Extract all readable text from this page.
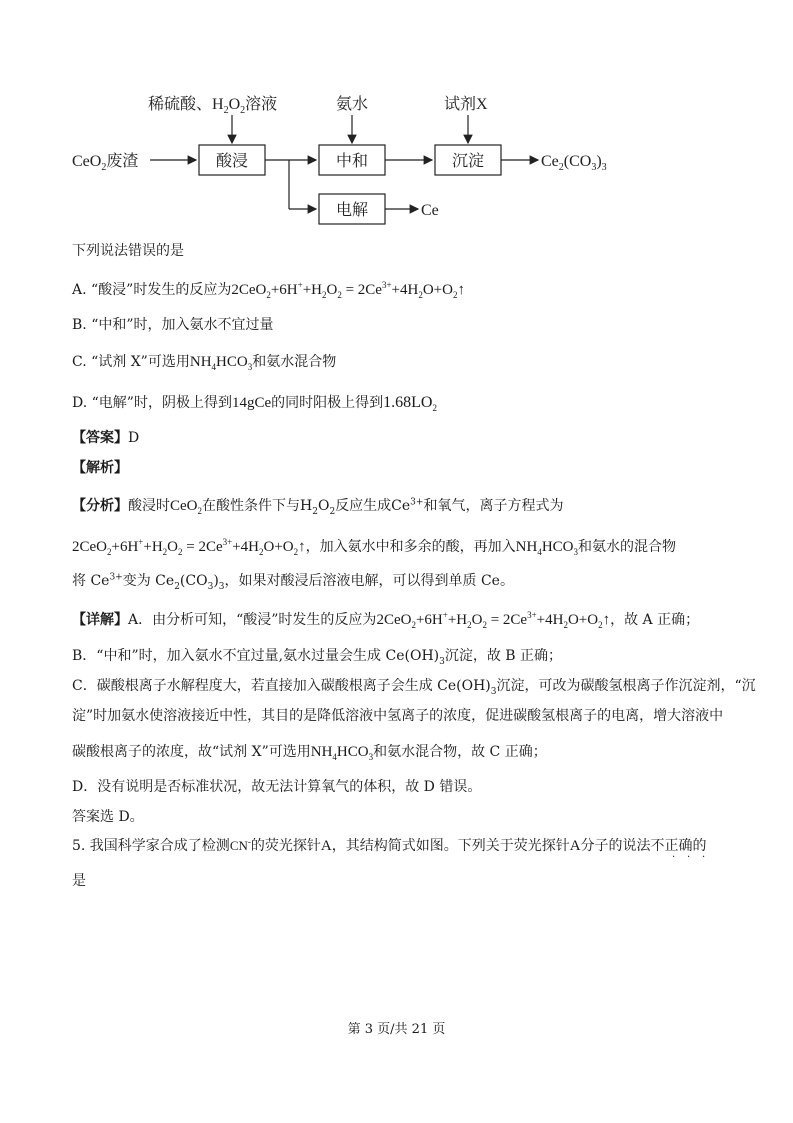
稀硫酸、$H_2O_2$溶液	氨水	试剂X
CeO$_2$废渣	酸浸	中和	沉淀	$Ce_2(CO_3)_3$
电解	Ce
下列说法错误的是
A. “酸浸”时发生的反应为$2CeO_2+6H^++H_2O_2$ = $2Ce^{3+}+4H_2O+O_2↑$
B. “中和”时，加入氨水不宜过量
C. “试剂 X”可选用$NH_4HCO_3$和氨水混合物
D. “电解”时，阴极上得到14gCe的同时阳极上得到$1.68LO_2$
【答案】D
【解析】
【分析】酸浸时CeO$_2$在酸性条件下与$H_2O_2$反应生成$Ce^{3+}$和氧气，离子方程式为
$2CeO_2+6H^++H_2O_2$ = $2Ce^{3+}+4H_2O+O_2↑$，加入氨水中和多余的酸，再加入$NH_4HCO_3$和氨水的混合物
将 $Ce^{3+}$变为 $Ce_2(CO_3)_3$，如果对酸浸后溶液电解，可以得到单质 Ce。
【详解】A．由分析可知，“酸浸”时发生的反应为$2CeO_2+6H^++H_2O_2$ = $2Ce^{3+}+4H_2O+O_2↑$，故 A 正确；
B．“中和”时，加入氨水不宜过量,氨水过量会生成 $Ce(OH)_3$沉淀，故 B 正确；
C．碳酸根离子水解程度大，若直接加入碳酸根离子会生成 $Ce(OH)_3$沉淀，可改为碳酸氢根离子作沉淀剂，“沉
淀”时加氨水使溶液接近中性，其目的是降低溶液中氢离子的浓度，促进碳酸氢根离子的电离，增大溶液中
碳酸根离子的浓度，故“试剂 X”可选用$NH_4HCO_3$和氨水混合物，故 C 正确；
D．没有说明是否标准状况，故无法计算氧气的体积，故 D 错误。
答案选 D。
5. 我国科学家合成了检测CN-的荧光探针A，其结构简式如图。下列关于荧光探针A分子的说法不正确的
· · ·
是
第 3 页/共 21 页
